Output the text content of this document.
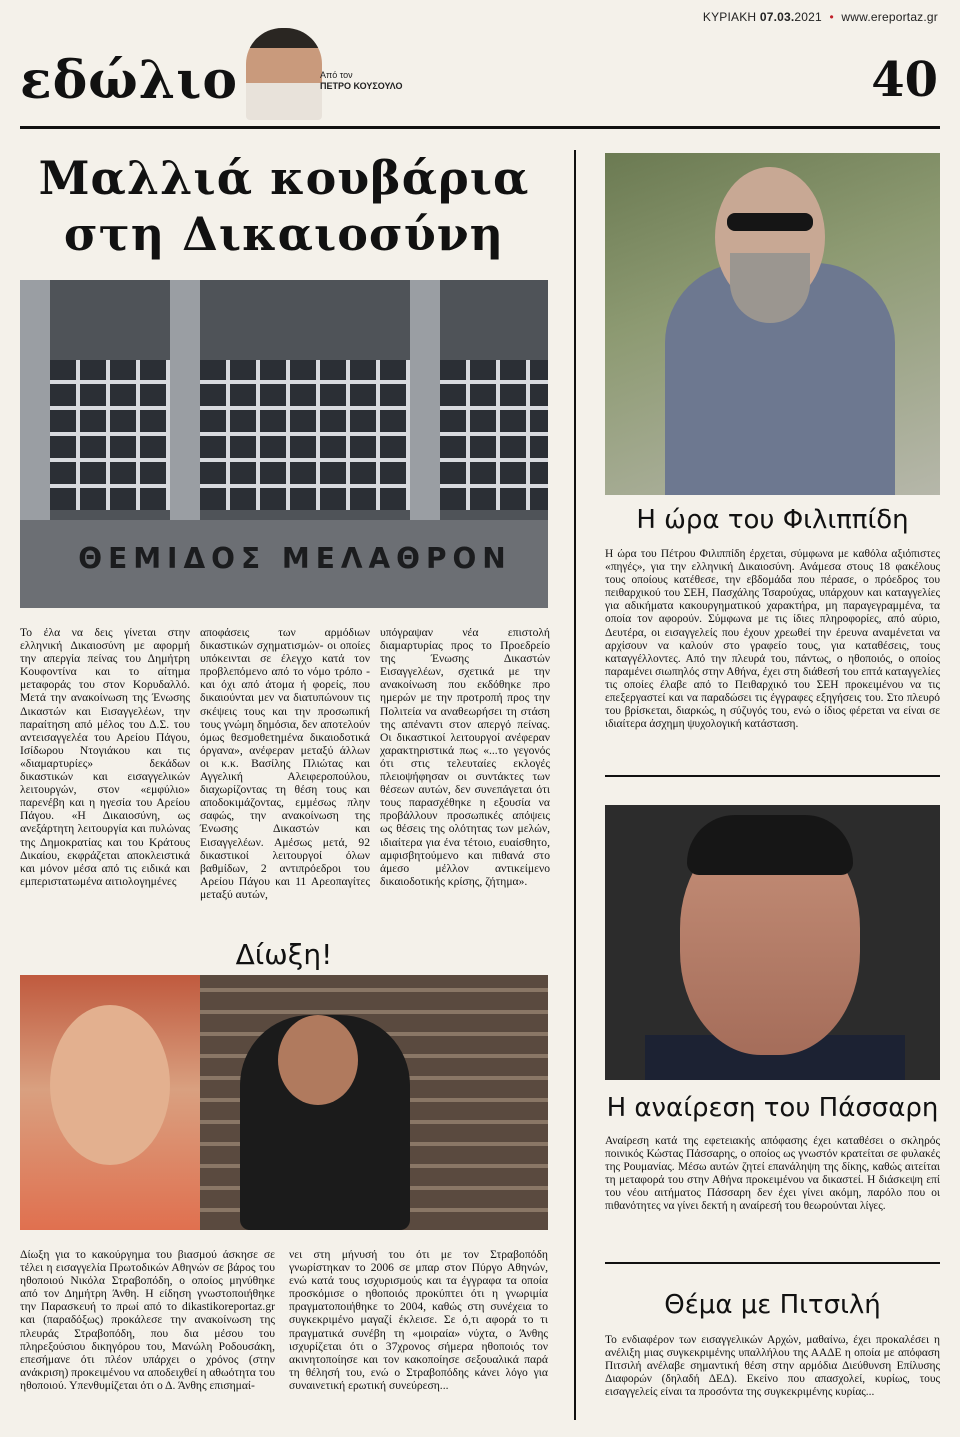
ΚΥΡΙΑΚΗ 07.03.2021 • www.ereportaz.gr
εδώλιο	Από τον
ΠΕΤΡΟ ΚΟΥΣΟΥΛΟ	40
Μαλλιά κουβάρια
στη Δικαιοσύνη
ΘΕΜΙΔΟΣ ΜΕΛΑΘΡΟΝ
Το έλα να δεις γίνεται στην ελληνική Δικαιοσύνη με αφορμή την απεργία πείνας του Δημήτρη Κουφοντίνα και το αίτημα μεταφοράς του στον Κορυδαλλό. Μετά την ανακοίνωση της Ένωσης Δικαστών και Εισαγγελέων, την παραίτηση από μέλος του Δ.Σ. του αντεισαγγελέα του Αρείου Πάγου, Ισίδωρου Ντογιάκου και τις «διαμαρτυρίες» δεκάδων δικαστικών και εισαγγελικών λειτουργών, στον «εμφύλιο» παρενέβη και η ηγεσία του Αρείου Πάγου. «Η Δικαιοσύνη, ως ανεξάρτητη λειτουργία και πυλώνας της Δημοκρατίας και του Κράτους Δικαίου, εκφράζεται αποκλειστικά και μόνον μέσα από τις ειδικά και εμπεριστατωμένα αιτιολογημένες
αποφάσεις των αρμόδιων δικαστικών σχηματισμών- οι οποίες υπόκεινται σε έλεγχο κατά τον προβλεπόμενο από το νόμο τρόπο - και όχι από άτομα ή φορείς, που δικαιούνται μεν να διατυπώνουν τις σκέψεις τους και την προσωπική τους γνώμη δημόσια, δεν αποτελούν όμως θεσμοθετημένα δικαιοδοτικά όργανα», ανέφεραν μεταξύ άλλων οι κ.κ. Βασίλης Πλιώτας και Αγγελική Αλειφεροπούλου, διαχωρίζοντας τη θέση τους και αποδοκιμάζοντας, εμμέσως πλην σαφώς, την ανακοίνωση της Ένωσης Δικαστών και Εισαγγελέων. Αμέσως μετά, 92 δικαστικοί λειτουργοί όλων βαθμίδων, 2 αντιπρόεδροι του Αρείου Πάγου και 11 Αρεοπαγίτες μεταξύ αυτών,
υπόγραψαν νέα επιστολή διαμαρτυρίας προς το Προεδρείο της Ένωσης Δικαστών Εισαγγελέων, σχετικά με την ανακοίνωση που εκδόθηκε προ ημερών με την προτροπή προς την Πολιτεία να αναθεωρήσει τη στάση της απέναντι στον απεργό πείνας. Οι δικαστικοί λειτουργοί ανέφεραν χαρακτηριστικά πως «...το γεγονός ότι στις τελευταίες εκλογές πλειοψήφησαν οι συντάκτες των θέσεων αυτών, δεν συνεπάγεται ότι τους παρασχέθηκε η εξουσία να προβάλλουν προσωπικές απόψεις ως θέσεις της ολότητας των μελών, ιδιαίτερα για ένα τέτοιο, ευαίσθητο, αμφισβητούμενο και πιθανά στο άμεσο μέλλον αντικείμενο δικαιοδοτικής κρίσης, ζήτημα».
Δίωξη!
Δίωξη για το κακούργημα του βιασμού άσκησε σε τέλει η εισαγγελία Πρωτοδικών Αθηνών σε βάρος του ηθοποιού Νικόλα Στραβοπόδη, ο οποίος μηνύθηκε από τον Δημήτρη Άνθη. Η είδηση γνωστοποιήθηκε την Παρασκευή το πρωί από το dikastikoreportaz.gr και (παραδόξως) προκάλεσε την ανακοίνωση της πλευράς Στραβοπόδη, που δια μέσου του πληρεξούσιου δικηγόρου του, Μανώλη Ροδουσάκη, επεσήμανε ότι πλέον υπάρχει ο χρόνος (στην ανάκριση) προκειμένου να αποδειχθεί η αθωότητα του ηθοποιού. Υπενθυμίζεται ότι ο Δ. Άνθης επισημαί-
νει στη μήνυσή του ότι με τον Στραβοπόδη γνωρίστηκαν το 2006 σε μπαρ στον Πύργο Αθηνών, ενώ κατά τους ισχυρισμούς και τα έγγραφα τα οποία προσκόμισε ο ηθοποιός προκύπτει ότι η γνωριμία πραγματοποιήθηκε το 2004, καθώς στη συνέχεια το συγκεκριμένο μαγαζί έκλεισε. Σε ό,τι αφορά το τι πραγματικά συνέβη τη «μοιραία» νύχτα, ο Άνθης ισχυρίζεται ότι ο 37χρονος σήμερα ηθοποιός τον ακινητοποίησε και τον κακοποίησε σεξουαλικά παρά τη θέλησή του, ενώ ο Στραβοπόδης κάνει λόγο για συναινετική ερωτική συνεύρεση...
Η ώρα του Φιλιππίδη
Η ώρα του Πέτρου Φιλιππίδη έρχεται, σύμφωνα με καθόλα αξιόπιστες «πηγές», για την ελληνική Δικαιοσύνη. Ανάμεσα στους 18 φακέλους τους οποίους κατέθεσε, την εβδομάδα που πέρασε, ο πρόεδρος του πειθαρχικού του ΣΕΗ, Πασχάλης Τσαρούχας, υπάρχουν και καταγγελίες για αδικήματα κακουργηματικού χαρακτήρα, μη παραγεγραμμένα, τα οποία τον αφορούν. Σύμφωνα με τις ίδιες πληροφορίες, από αύριο, Δευτέρα, οι εισαγγελείς που έχουν χρεωθεί την έρευνα αναμένεται να αρχίσουν να καλούν στο γραφείο τους, για καταθέσεις, τους καταγγέλλοντες. Από την πλευρά του, πάντως, ο ηθοποιός, ο οποίος παραμένει σιωπηλός στην Αθήνα, έχει στη διάθεσή του επτά καταγγελίες τις οποίες έλαβε από το Πειθαρχικό του ΣΕΗ προκειμένου να τις επεξεργαστεί και να παραδώσει τις έγγραφες εξηγήσεις του. Στο πλευρό του βρίσκεται, διαρκώς, η σύζυγός του, ενώ ο ίδιος φέρεται να είναι σε ιδιαίτερα άσχημη ψυχολογική κατάσταση.
Η αναίρεση του Πάσσαρη
Αναίρεση κατά της εφετειακής απόφασης έχει καταθέσει ο σκληρός ποινικός Κώστας Πάσσαρης, ο οποίος ως γνωστόν κρατείται σε φυλακές της Ρουμανίας. Μέσω αυτών ζητεί επανάληψη της δίκης, καθώς αιτείται τη μεταφορά του στην Αθήνα προκειμένου να δικαστεί. Η διάσκεψη επί του νέου αιτήματος Πάσσαρη δεν έχει γίνει ακόμη, παρόλο που οι πιθανότητες να γίνει δεκτή η αναίρεσή του θεωρούνται λίγες.
Θέμα με Πιτσιλή
Το ενδιαφέρον των εισαγγελικών Αρχών, μαθαίνω, έχει προκαλέσει η ανέλιξη μιας συγκεκριμένης υπαλλήλου της ΑΑΔΕ η οποία με απόφαση Πιτσιλή ανέλαβε σημαντική θέση στην αρμόδια Διεύθυνση Επίλυσης Διαφορών (δηλαδή ΔΕΔ). Εκείνο που απασχολεί, κυρίως, τους εισαγγελείς είναι τα προσόντα της συγκεκριμένης κυρίας...
